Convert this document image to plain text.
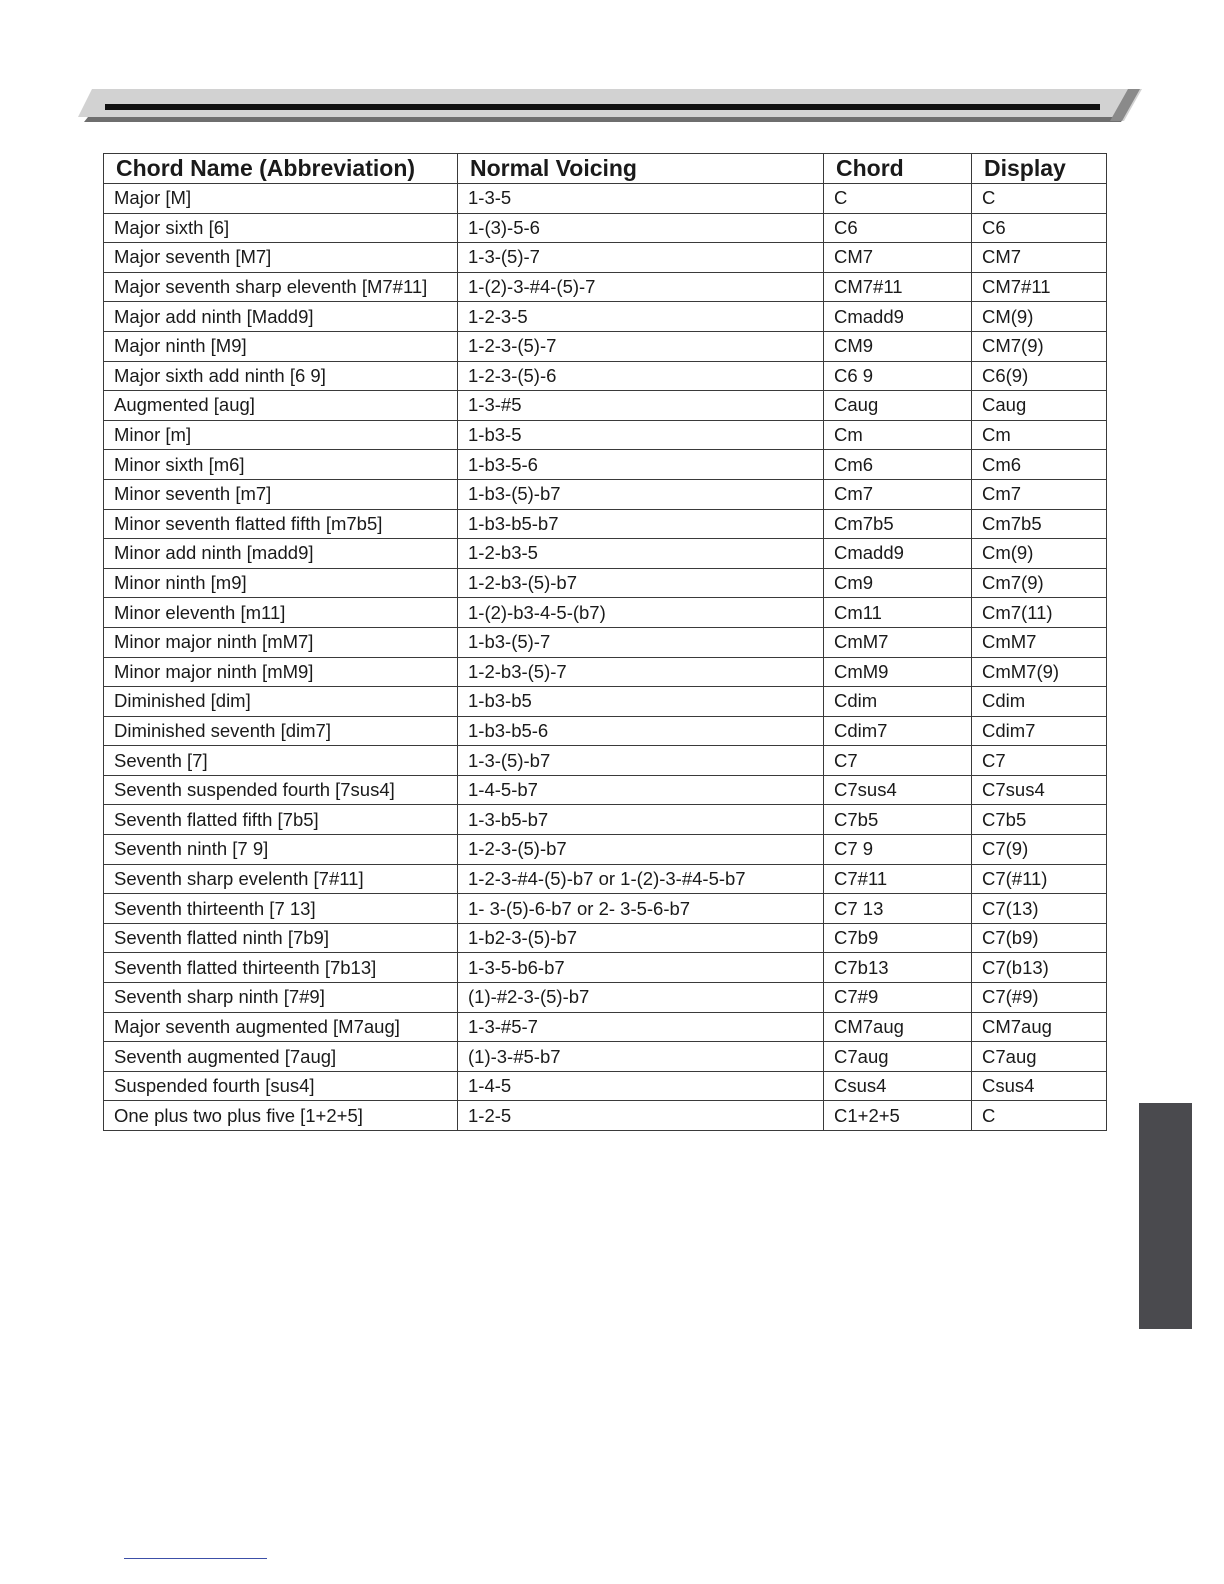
Chord Name (Abbreviation)	Normal Voicing	Chord	Display
Major [M]	1-3-5	C	C
Major sixth [6]	1-(3)-5-6	C6	C6
Major seventh [M7]	1-3-(5)-7	CM7	CM7
Major seventh sharp eleventh [M7#11]	1-(2)-3-#4-(5)-7	CM7#11	CM7#11
Major add ninth [Madd9]	1-2-3-5	Cmadd9	CM(9)
Major ninth [M9]	1-2-3-(5)-7	CM9	CM7(9)
Major sixth add ninth [6 9]	1-2-3-(5)-6	C6 9	C6(9)
Augmented [aug]	1-3-#5	Caug	Caug
Minor [m]	1-b3-5	Cm	Cm
Minor sixth [m6]	1-b3-5-6	Cm6	Cm6
Minor seventh [m7]	1-b3-(5)-b7	Cm7	Cm7
Minor seventh flatted fifth [m7b5]	1-b3-b5-b7	Cm7b5	Cm7b5
Minor add ninth [madd9]	1-2-b3-5	Cmadd9	Cm(9)
Minor ninth [m9]	1-2-b3-(5)-b7	Cm9	Cm7(9)
Minor eleventh [m11]	1-(2)-b3-4-5-(b7)	Cm11	Cm7(11)
Minor major ninth [mM7]	1-b3-(5)-7	CmM7	CmM7
Minor major ninth [mM9]	1-2-b3-(5)-7	CmM9	CmM7(9)
Diminished [dim]	1-b3-b5	Cdim	Cdim
Diminished seventh [dim7]	1-b3-b5-6	Cdim7	Cdim7
Seventh [7]	1-3-(5)-b7	C7	C7
Seventh suspended fourth [7sus4]	1-4-5-b7	C7sus4	C7sus4
Seventh flatted fifth [7b5]	1-3-b5-b7	C7b5	C7b5
Seventh ninth [7 9]	1-2-3-(5)-b7	C7 9	C7(9)
Seventh sharp evelenth [7#11]	1-2-3-#4-(5)-b7 or 1-(2)-3-#4-5-b7	C7#11	C7(#11)
Seventh thirteenth [7 13]	1- 3-(5)-6-b7 or 2- 3-5-6-b7	C7 13	C7(13)
Seventh flatted ninth [7b9]	1-b2-3-(5)-b7	C7b9	C7(b9)
Seventh flatted thirteenth [7b13]	1-3-5-b6-b7	C7b13	C7(b13)
Seventh sharp ninth [7#9]	(1)-#2-3-(5)-b7	C7#9	C7(#9)
Major seventh augmented [M7aug]	1-3-#5-7	CM7aug	CM7aug
Seventh augmented [7aug]	(1)-3-#5-b7	C7aug	C7aug
Suspended fourth [sus4]	1-4-5	Csus4	Csus4
One plus two plus five [1+2+5]	1-2-5	C1+2+5	C
